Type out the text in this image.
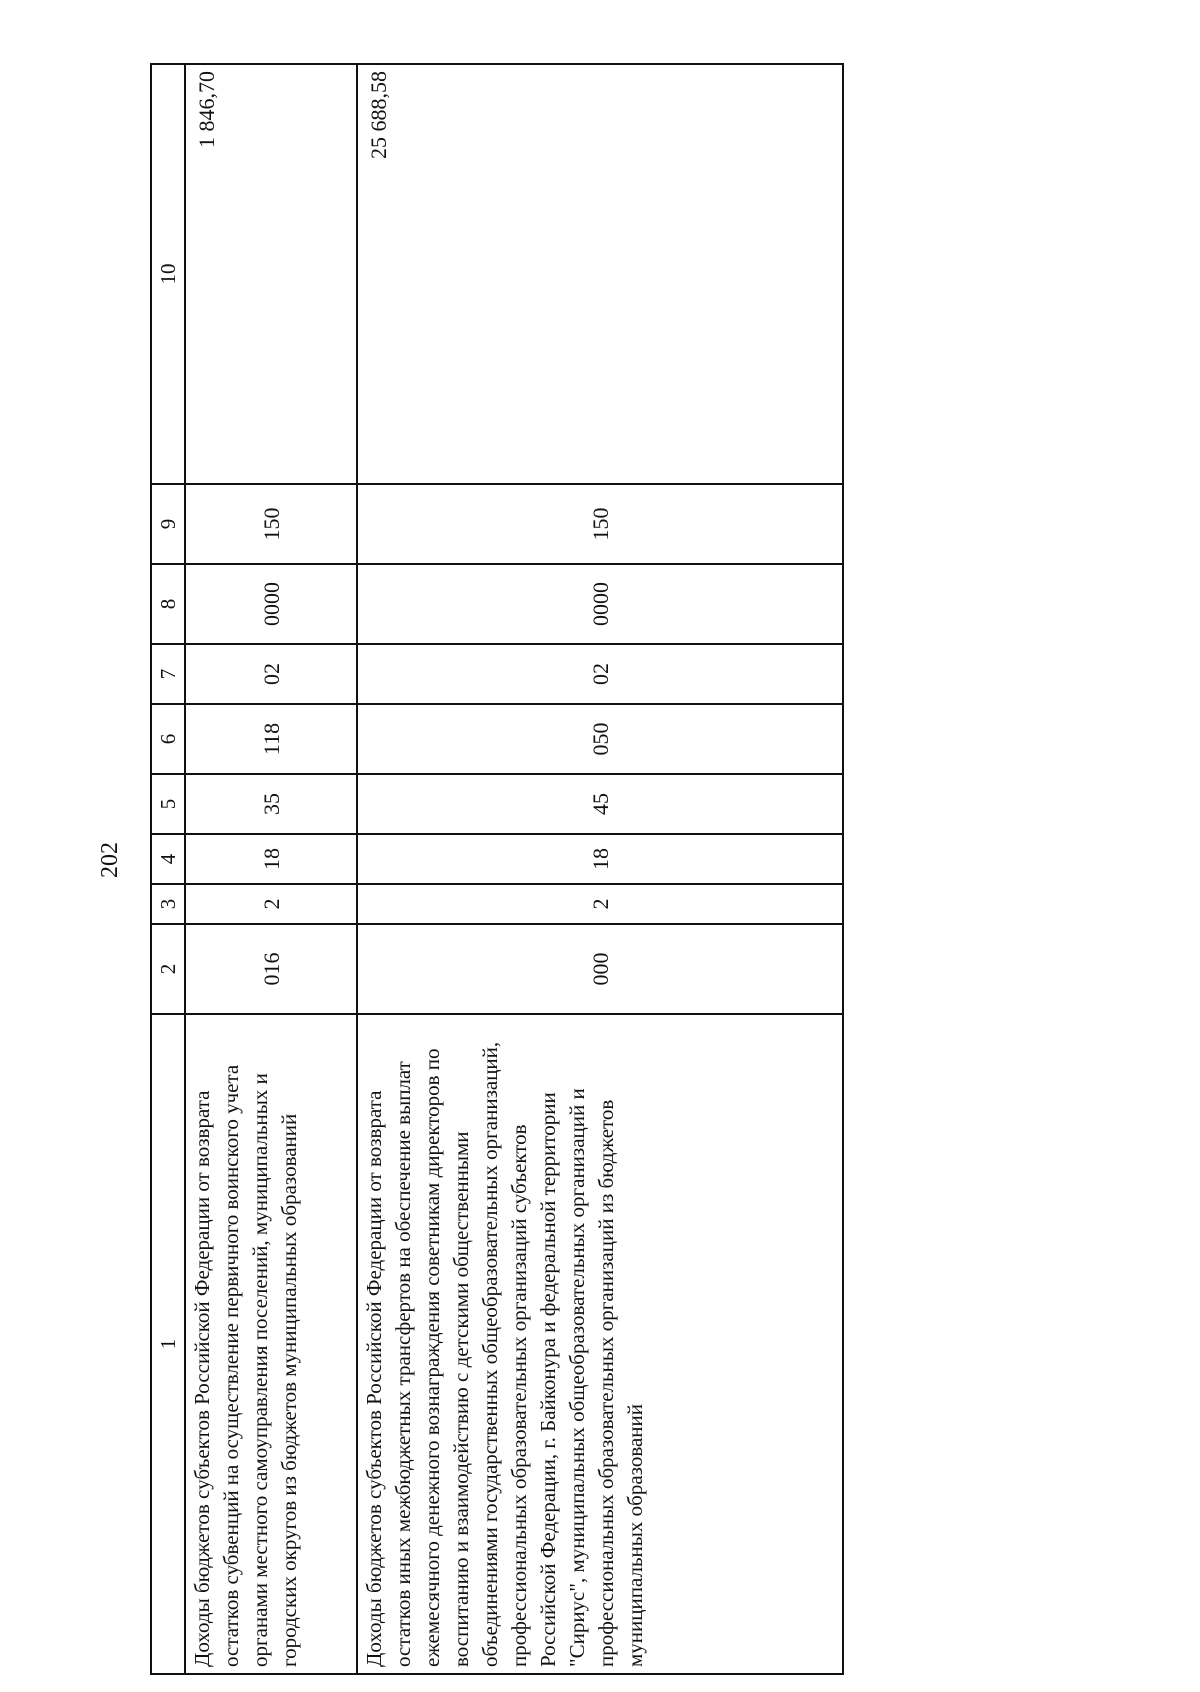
202
1	2	3	4	5	6	7	8	9	10
Доходы бюджетов субъектов Российской Федерации от возврата остатков субвенций на осуществление первичного воинского учета органами местного самоуправления поселений, муниципальных и городских округов из бюджетов муниципальных образований	016	2	18	35	118	02	0000	150	1 846,70
Доходы бюджетов субъектов Российской Федерации от возврата остатков иных межбюджетных трансфертов на обеспечение выплат ежемесячного денежного вознаграждения советникам директоров по воспитанию и взаимодействию с детскими общественными объединениями государственных общеобразовательных организаций, профессиональных образовательных организаций субъектов Российской Федерации, г. Байконура и федеральной территории "Сириус", муниципальных общеобразовательных организаций и профессиональных образовательных организаций из бюджетов муниципальных образований	000	2	18	45	050	02	0000	150	25 688,58
